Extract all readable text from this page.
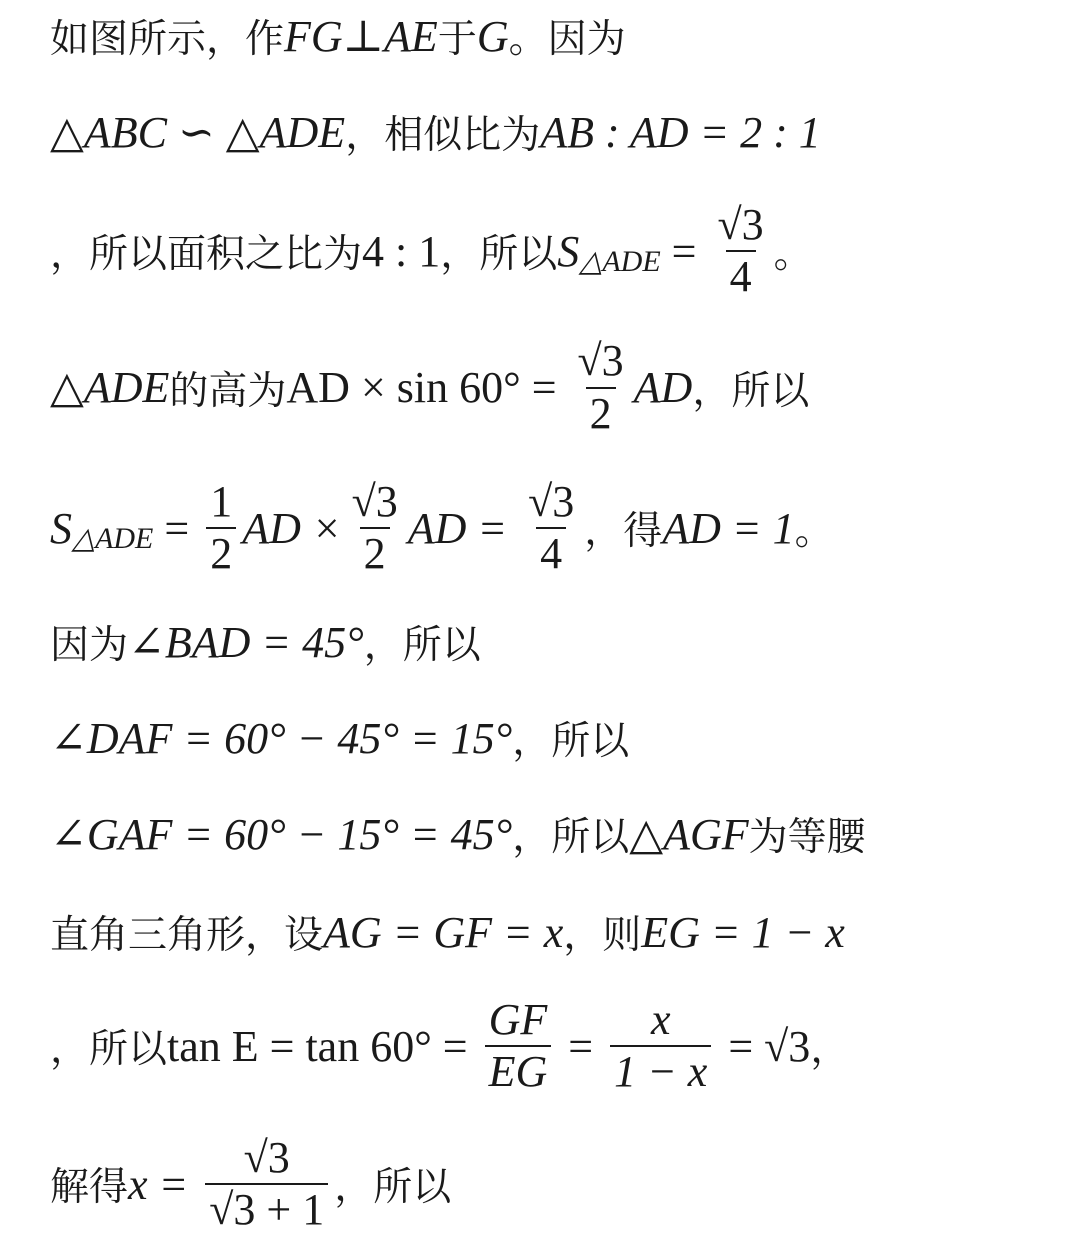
如图所示，作 FG⊥AE 于 G 。因为
△ABC ∽ △ADE ，相似比为 AB : AD = 2 : 1
，所以面积之比为 4 : 1 ，所以 S △ADE = $\frac{√3}{4}$ 。
△ADE 的高为 AD × $\sin 60^\circ = \frac{√3}{2}$ AD ，所以
S △ADE = $\frac{1}{2}$ AD × $\frac{√3}{2}$ AD = $\frac{√3}{4}$ ，得 AD = 1 。
因为 ∠BAD = 45° ，所以
∠DAF = 60° − 45° = 15° ，所以
∠GAF = 60° − 15° = 45° ，所以 △AGF 为等腰
直角三角形，设 AG = GF = x ，则 EG = 1 − x
，所以 $\tan E = \tan 60^\circ = \frac{GF}{EG} = \frac{x}{1 - x} = √3$ ，
解得 $x = \frac{√3}{√3 + 1}$ ，所以
